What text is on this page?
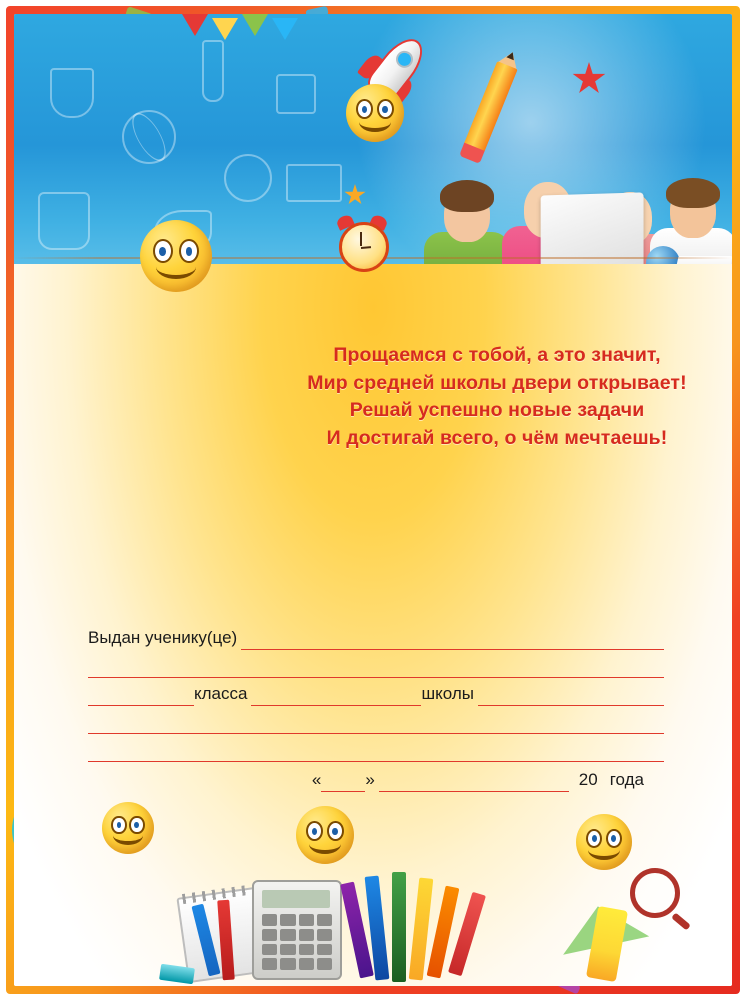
Прощаемся с тобой, а это значит,
Мир средней школы двери открывает!
Решай успешно новые задачи
И достигай всего, о чём мечтаешь!
Выдан ученику(це)
класса	школы
«	»	20 года
